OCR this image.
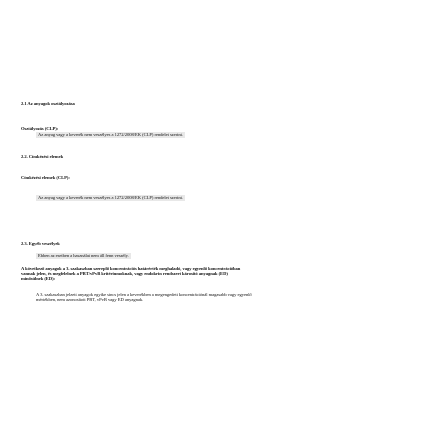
2.1 Az anyagok osztályozása
Osztályozás (CLP):
Az anyag vagy a keverék nem veszélyes a 1272/2008/EK (CLP) rendelet szerint.
2.2. Címkézési elemek
Címkézési elemek (CLP):
Az anyag vagy a keverék nem veszélyes a 1272/2008/EK (CLP) rendelet szerint.
2.3. Egyéb veszélyek
Ebben az esetben a használat nem áll fenn veszély.
A következő anyagok a 3. szakaszban szereplő koncentrációs határérték meghaladó, vagy egyenlő koncentrációban
vannak jelen, és megfelelnek a PBT/vPvB kritériumoknak, vagy endokrin rendszert károsító anyagnak (ED)
minősülnek (ED):
A 3. szakaszban jelzett anyagok egyike sincs jelen a keverékben a megengedett koncentrációnál magasabb vagy egyenlő
mértékben, nem azonosított PBT, vPvB vagy ED anyagnak.
